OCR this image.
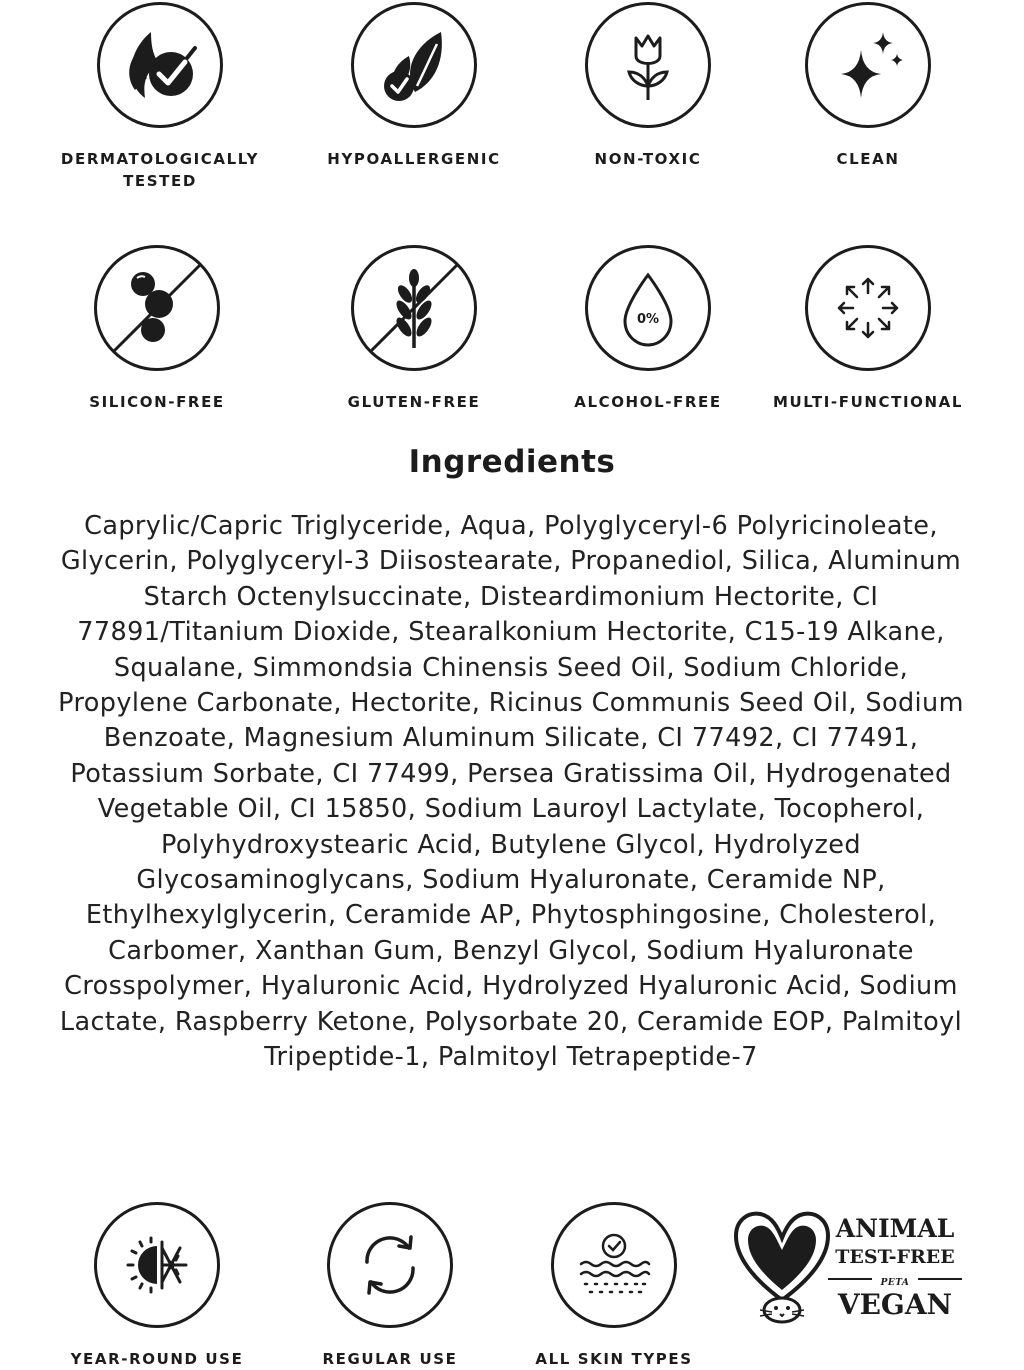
DERMATOLOGICALLY TESTED
HYPOALLERGENIC	NON-TOXIC	CLEAN
SILICON-FREE	GLUTEN-FREE
0%
ALCOHOL-FREE	MULTI-FUNCTIONAL
Ingredients
Caprylic/Capric Triglyceride, Aqua, Polyglyceryl-6 Polyricinoleate, Glycerin, Polyglyceryl-3 Diisostearate, Propanediol, Silica, Aluminum Starch Octenylsuccinate, Disteardimonium Hectorite, CI 77891/Titanium Dioxide, Stearalkonium Hectorite, C15-19 Alkane, Squalane, Simmondsia Chinensis Seed Oil, Sodium Chloride, Propylene Carbonate, Hectorite, Ricinus Communis Seed Oil, Sodium Benzoate, Magnesium Aluminum Silicate, CI 77492, CI 77491, Potassium Sorbate, CI 77499, Persea Gratissima Oil, Hydrogenated Vegetable Oil, CI 15850, Sodium Lauroyl Lactylate, Tocopherol, Polyhydroxystearic Acid, Butylene Glycol, Hydrolyzed Glycosaminoglycans, Sodium Hyaluronate, Ceramide NP, Ethylhexylglycerin, Ceramide AP, Phytosphingosine, Cholesterol, Carbomer, Xanthan Gum, Benzyl Glycol, Sodium Hyaluronate Crosspolymer, Hyaluronic Acid, Hydrolyzed Hyaluronic Acid, Sodium Lactate, Raspberry Ketone, Polysorbate 20, Ceramide EOP, Palmitoyl Tripeptide-1, Palmitoyl Tetrapeptide-7
YEAR-ROUND USE	REGULAR USE	ALL SKIN TYPES
ANIMAL
TEST-FREE
PETA
VEGAN
